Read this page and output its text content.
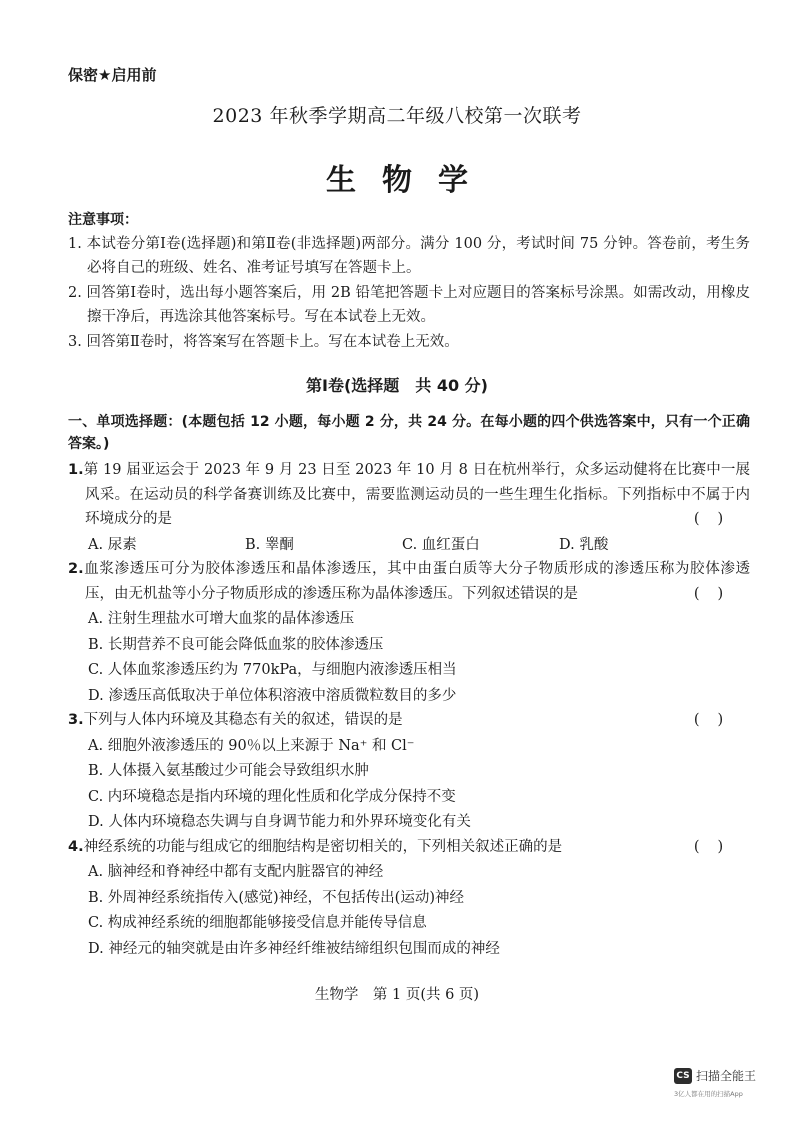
保密★启用前
2023 年秋季学期高二年级八校第一次联考
生物学
注意事项：

1. 本试卷分第Ⅰ卷(选择题)和第Ⅱ卷(非选择题)两部分。满分 100 分，考试时间 75 分钟。答卷前，考生务必将自己的班级、姓名、准考证号填写在答题卡上。

2. 回答第Ⅰ卷时，选出每小题答案后，用 2B 铅笔把答题卡上对应题目的答案标号涂黑。如需改动，用橡皮擦干净后，再选涂其他答案标号。写在本试卷上无效。

3. 回答第Ⅱ卷时，将答案写在答题卡上。写在本试卷上无效。

第Ⅰ卷(选择题　共 40 分)
一、单项选择题：(本题包括 12 小题，每小题 2 分，共 24 分。在每小题的四个供选答案中，只有一个正确答案。)
1.第 19 届亚运会于 2023 年 9 月 23 日至 2023 年 10 月 8 日在杭州举行，众多运动健将在比赛中一展风采。在运动员的科学备赛训练及比赛中，需要监测运动员的一些生理生化指标。下列指标中不属于内环境成分的是	()
A. 尿素	B. 睾酮	C. 血红蛋白	D. 乳酸
2.血浆渗透压可分为胶体渗透压和晶体渗透压，其中由蛋白质等大分子物质形成的渗透压称为胶体渗透压，由无机盐等小分子物质形成的渗透压称为晶体渗透压。下列叙述错误的是	()
A. 注射生理盐水可增大血浆的晶体渗透压
B. 长期营养不良可能会降低血浆的胶体渗透压
C. 人体血浆渗透压约为 770kPa，与细胞内液渗透压相当
D. 渗透压高低取决于单位体积溶液中溶质微粒数目的多少
3.下列与人体内环境及其稳态有关的叙述，错误的是	()
A. 细胞外液渗透压的 90％以上来源于 Na⁺ 和 Cl⁻
B. 人体摄入氨基酸过少可能会导致组织水肿
C. 内环境稳态是指内环境的理化性质和化学成分保持不变
D. 人体内环境稳态失调与自身调节能力和外界环境变化有关
4.神经系统的功能与组成它的细胞结构是密切相关的，下列相关叙述正确的是	()
A. 脑神经和脊神经中都有支配内脏器官的神经
B. 外周神经系统指传入(感觉)神经，不包括传出(运动)神经
C. 构成神经系统的细胞都能够接受信息并能传导信息
D. 神经元的轴突就是由许多神经纤维被结缔组织包围而成的神经
生物学　第 1 页(共 6 页)
CS 扫描全能王
3亿人都在用的扫描App
